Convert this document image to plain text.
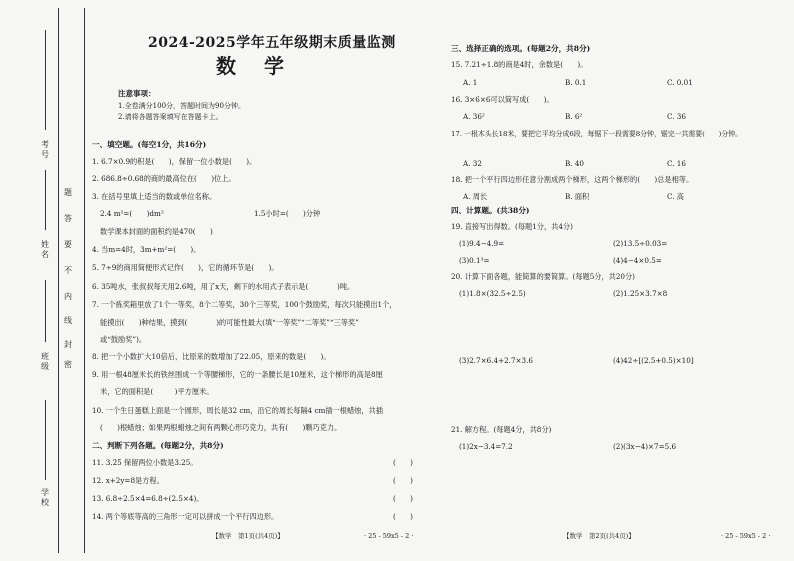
考号
姓名
班级
学校
密
封
线
内
不
要
答
题
2024-2025学年五年级期末质量监测
数学
注意事项：
1.全卷满分100分，答题时间为90分钟。
2.请将各题答案填写在答题卡上。
一、填空题。(每空1分，共16分)
1. 6.7×0.9的积是(　　)，保留一位小数是(　　)。
2. 686.8÷0.68的商的最高位在(　　)位上。
3. 在括号里填上适当的数或单位名称。
2.4 m²=(　　)dm²	1.5小时=(　　)分钟
数学课本封面的面积约是470(　　)
4. 当m=4时，3m+m²=(　　)。
5. 7÷9的商用简便形式记作(　　)，它的循环节是(　　)。
6. 35吨水，张叔叔每天用2.6吨，用了x天，剩下的水用式子表示是(　　　　)吨。
7. 一个拣奖箱里放了1个一等奖，8个二等奖，30个三等奖，100个鼓励奖，每次只能摸出1个，
能摸出(　　)种结果，摸到(　　　　)的可能性最大(填“一等奖”“二等奖”“三等奖”
或“鼓励奖”)。
8. 把一个小数扩大10倍后，比原来的数增加了22.05，原来的数是(　　)。
9. 用一根48厘米长的铁丝围成一个等腰梯形，它的一条腰长是10厘米，这个梯形的高是8厘
米，它的面积是(　　　)平方厘米。
10. 一个生日蛋糕上面是一个圆形，周长是32 cm，沿它的周长每隔4 cm插一根蜡烛，共插
(　　)根蜡烛；如果两根蜡烛之间有两颗心形巧克力，共有(　　)颗巧克力。
二、判断下列各题。(每题2分，共8分)
11. 3.2̇5̇ 保留两位小数是3.25。	(　　)
12. x+2y=8是方程。	(　　)
13. 6.8÷2.5×4=6.8÷(2.5×4)。	(　　)
14. 两个等底等高的三角形一定可以拼成一个平行四边形。	(　　)
【数学　第1页(共4页)】	· 25 - 59x5 - 2 ·
三、选择正确的选项。(每题2分，共8分)
15. 7.21÷1.8的商是4时，余数是(　　)。
A. 1	B. 0.1	C. 0.01
16. 3×6×6可以简写成(　　)。
A. 36²	B. 6²	C. 36
17. 一根木头长18米，要把它平均分成6段，每锯下一段需要8分钟，锯完一共需要(　　)分钟。
A. 32	B. 40	C. 16
18. 把一个平行四边形任意分割成两个梯形，这两个梯形的(　　)总是相等。
A. 周长	B. 面积	C. 高
四、计算题。(共38分)
19. 直接写出得数。(每题1分，共4分)
(1)9.4−4.9=	(2)13.5÷0.03=
(3)0.1³=	(4)4−4×0.5=
20. 计算下面各题，能简算的要简算。(每题5分，共20分)
(1)1.8×(32.5÷2.5)	(2)1.25×3.7×8
(3)2.7×6.4+2.7×3.6	(4)42÷[(2.5+0.5)×10]
21. 解方程。(每题4分，共8分)
(1)2x−3.4=7.2	(2)(3x−4)×7=5.6
【数学　第2页(共4页)】	· 25 - 59x5 - 2 ·
